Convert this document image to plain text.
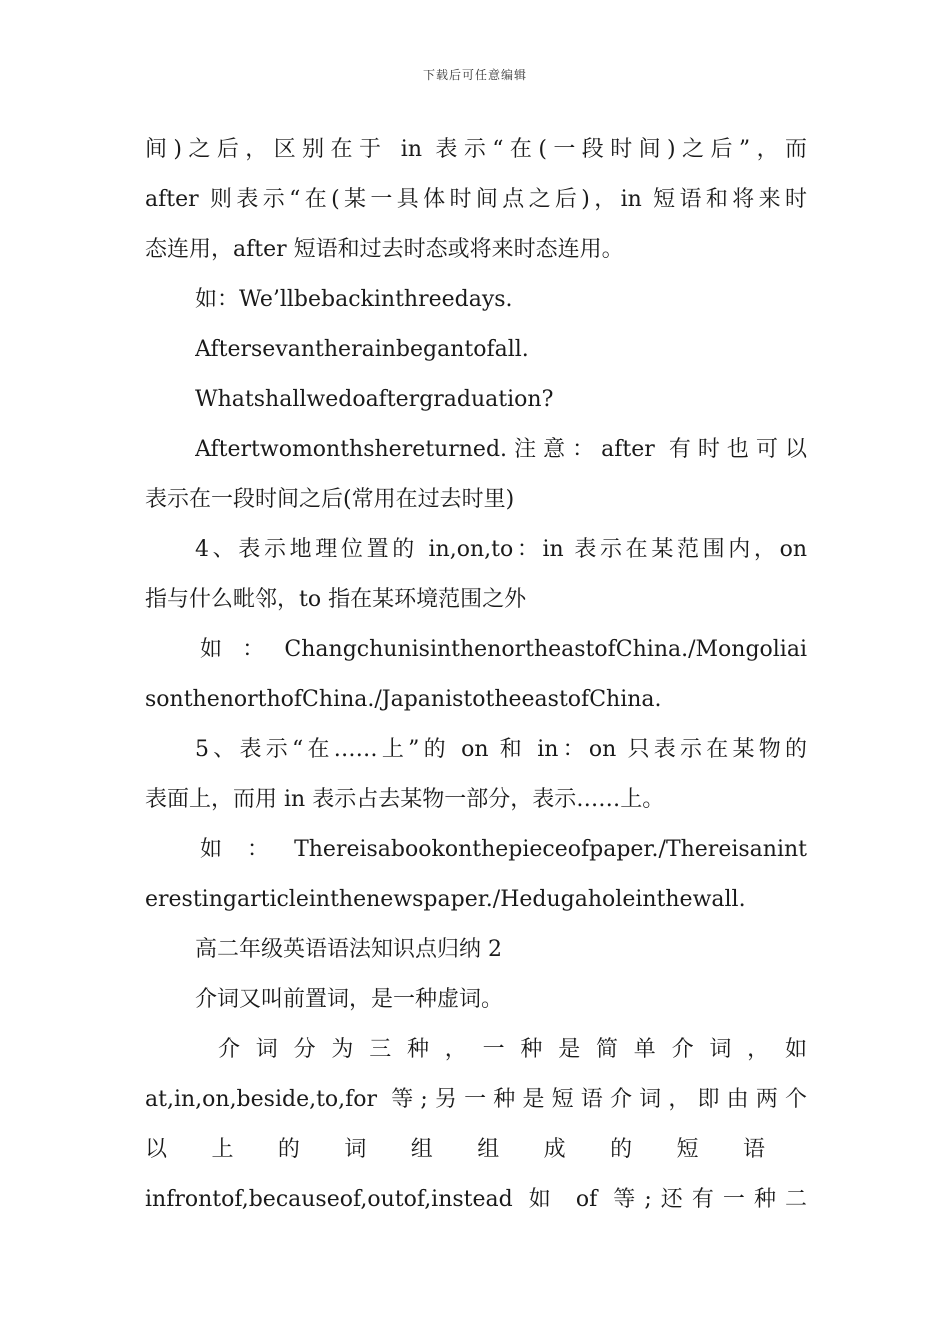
下载后可任意编辑
间)之后，区别在于 in 表示“在(一段时间)之后”，而
after 则表示“在(某一具体时间点之后)，in 短语和将来时
态连用，after 短语和过去时态或将来时态连用。
如：We’llbebackinthreedays.
Aftersevantherainbegantofall.
Whatshallwedoaftergraduation?
Aftertwomonthshereturned.注意：after 有时也可以
表示在一段时间之后(常用在过去时里)
4、表示地理位置的 in,on,to：in 表示在某范围内，on
指与什么毗邻，to 指在某环境范围之外
如：ChangchunisinthenortheastofChina./Mongoliai
sonthenorthofChina./JapanistotheeastofChina.
5、表示“在……上”的 on 和 in：on 只表示在某物的
表面上，而用 in 表示占去某物一部分，表示……上。
如：Thereisabookonthepieceofpaper./Thereisanint
erestingarticleinthenewspaper./Hedugaholeinthewall.
高二年级英语语法知识点归纳 2
介词又叫前置词，是一种虚词。
介词分为三种，一种是简单介词，如
at,in,on,beside,to,for 等;另一种是短语介词，即由两个
以上的词组组成的短语
infrontof,becauseof,outof,instead 如 of 等;还有一种二
